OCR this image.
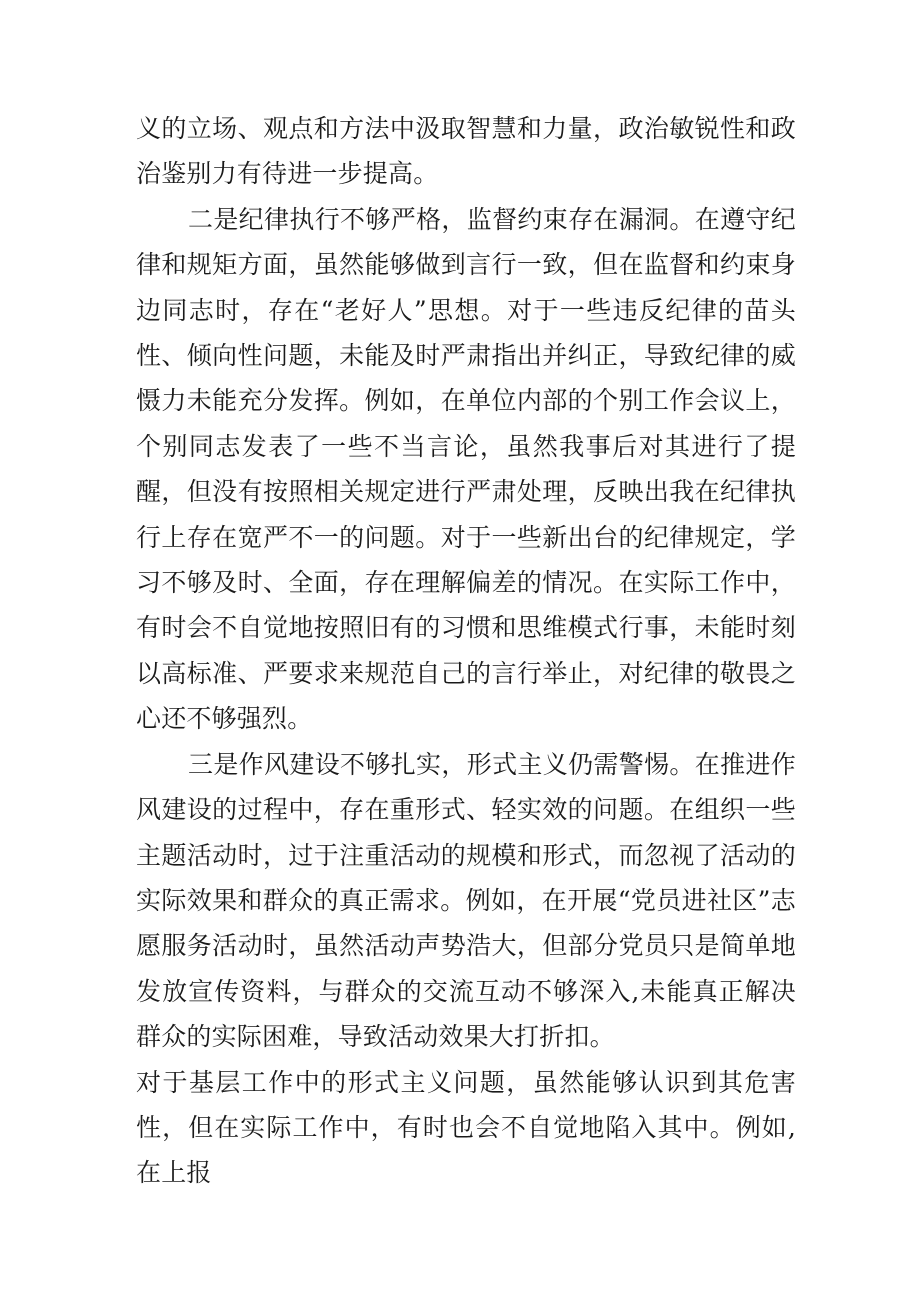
义的立场、观点和方法中汲取智慧和力量，政治敏锐性和政治鉴别力有待进一步提高。

二是纪律执行不够严格，监督约束存在漏洞。在遵守纪律和规矩方面，虽然能够做到言行一致，但在监督和约束身边同志时，存在“老好人”思想。对于一些违反纪律的苗头性、倾向性问题，未能及时严肃指出并纠正，导致纪律的威慑力未能充分发挥。例如，在单位内部的个别工作会议上，个别同志发表了一些不当言论，虽然我事后对其进行了提醒，但没有按照相关规定进行严肃处理，反映出我在纪律执行上存在宽严不一的问题。对于一些新出台的纪律规定，学习不够及时、全面，存在理解偏差的情况。在实际工作中，有时会不自觉地按照旧有的习惯和思维模式行事，未能时刻以高标准、严要求来规范自己的言行举止，对纪律的敬畏之心还不够强烈。

三是作风建设不够扎实，形式主义仍需警惕。在推进作风建设的过程中，存在重形式、轻实效的问题。在组织一些主题活动时，过于注重活动的规模和形式，而忽视了活动的实际效果和群众的真正需求。例如，在开展“党员进社区”志愿服务活动时，虽然活动声势浩大，但部分党员只是简单地发放宣传资料，与群众的交流互动不够深入,未能真正解决群众的实际困难，导致活动效果大打折扣。

对于基层工作中的形式主义问题，虽然能够认识到其危害性，但在实际工作中，有时也会不自觉地陷入其中。例如,在上报
